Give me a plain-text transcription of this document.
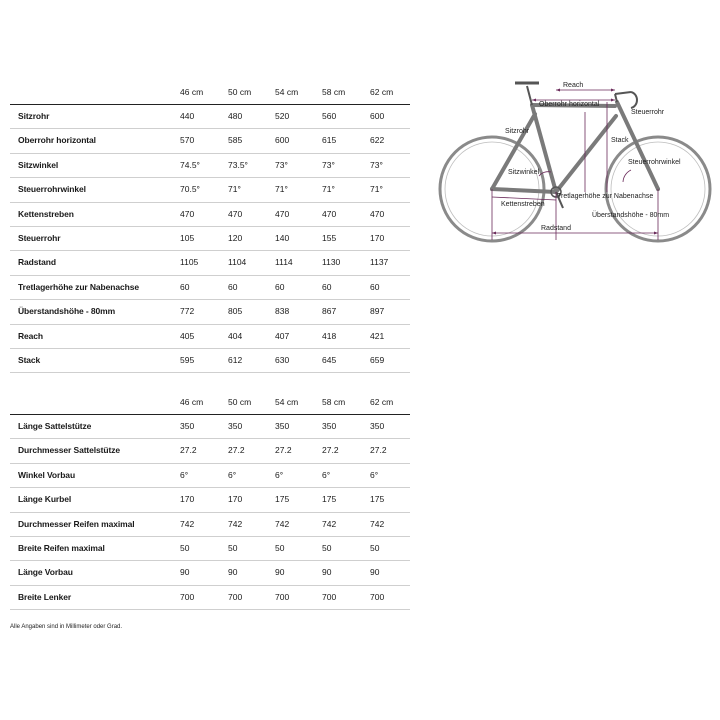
46 cm	50 cm	54 cm	58 cm	62 cm
Sitzrohr	440	480	520	560	600
Oberrohr horizontal	570	585	600	615	622
Sitzwinkel	74.5°	73.5°	73°	73°	73°
Steuerrohrwinkel	70.5°	71°	71°	71°	71°
Kettenstreben	470	470	470	470	470
Steuerrohr	105	120	140	155	170
Radstand	1105	1104	1114	1130	1137
Tretlagerhöhe zur Nabenachse	60	60	60	60	60
Überstandshöhe - 80mm	772	805	838	867	897
Reach	405	404	407	418	421
Stack	595	612	630	645	659
46 cm	50 cm	54 cm	58 cm	62 cm
Länge Sattelstütze	350	350	350	350	350
Durchmesser Sattelstütze	27.2	27.2	27.2	27.2	27.2
Winkel Vorbau	6°	6°	6°	6°	6°
Länge Kurbel	170	170	175	175	175
Durchmesser Reifen maximal	742	742	742	742	742
Breite Reifen maximal	50	50	50	50	50
Länge Vorbau	90	90	90	90	90
Breite Lenker	700	700	700	700	700
Alle Angaben sind in Millimeter oder Grad.
Reach
Oberrohr horizontal
Steuerrohr
Sitzrohr
Stack
Steuerrohrwinkel
Sitzwinkel
Tretlagerhöhe zur Nabenachse
Kettenstreben
Überstandshöhe - 80mm
Radstand
